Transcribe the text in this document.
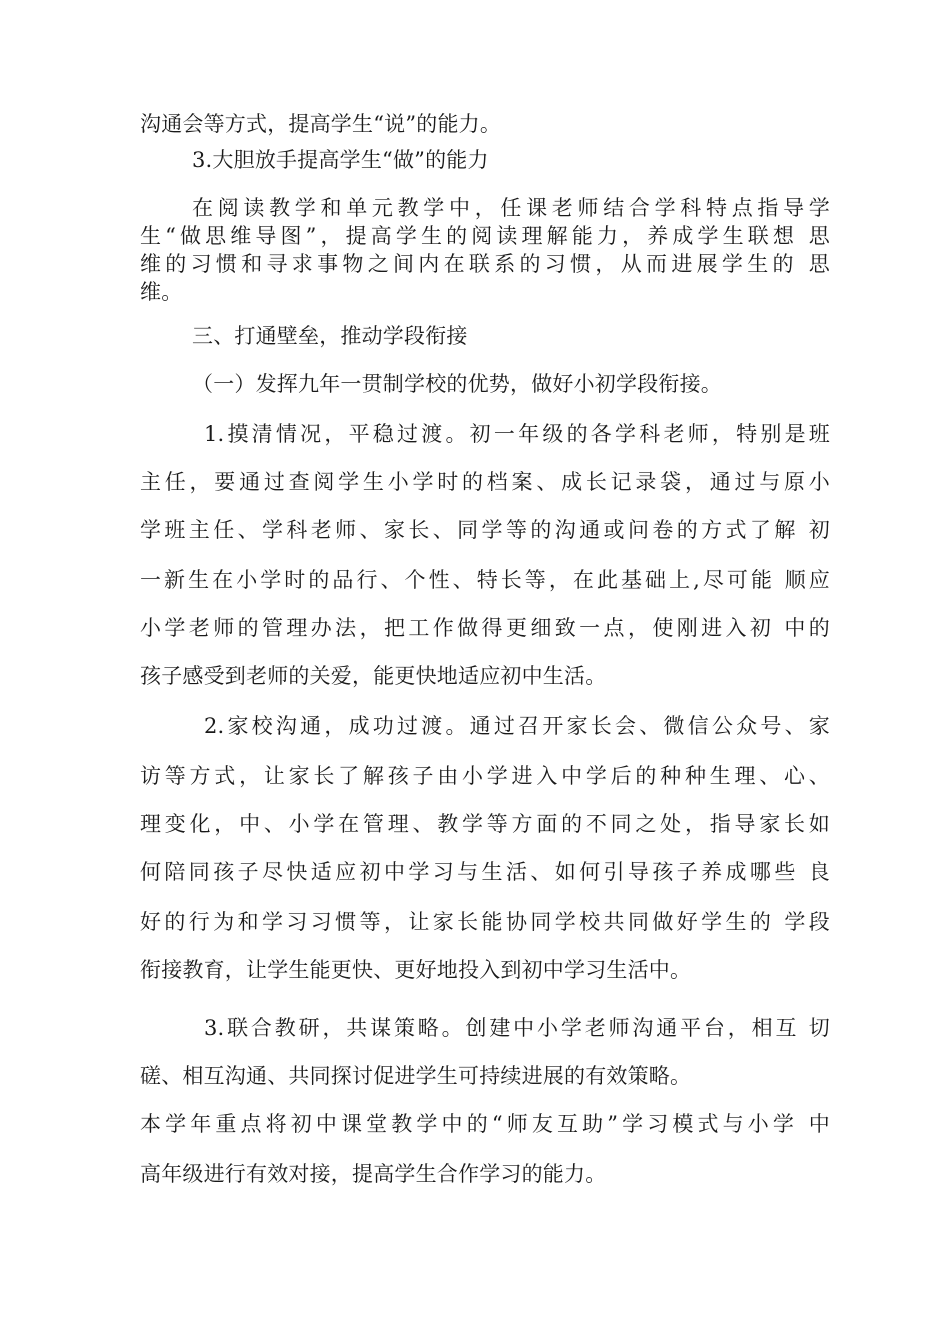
沟通会等方式，提高学生“说”的能力。
3.大胆放手提高学生“做”的能力
在阅读教学和单元教学中，任课老师结合学科特点指导学
生“做思维导图”，提高学生的阅读理解能力，养成学生联想 思
维的习惯和寻求事物之间内在联系的习惯，从而进展学生的 思
维。
三、打通壁垒，推动学段衔接
（一）发挥九年一贯制学校的优势，做好小初学段衔接。
1.摸清情况，平稳过渡。初一年级的各学科老师，特别是班
主任，要通过查阅学生小学时的档案、成长记录袋，通过与原小
学班主任、学科老师、家长、同学等的沟通或问卷的方式了解 初
一新生在小学时的品行、个性、特长等，在此基础上,尽可能 顺应
小学老师的管理办法，把工作做得更细致一点，使刚进入初 中的
孩子感受到老师的关爱，能更快地适应初中生活。
2.家校沟通，成功过渡。通过召开家长会、微信公众号、家
访等方式，让家长了解孩子由小学进入中学后的种种生理、心、
理变化，中、小学在管理、教学等方面的不同之处，指导家长如
何陪同孩子尽快适应初中学习与生活、如何引导孩子养成哪些 良
好的行为和学习习惯等，让家长能协同学校共同做好学生的 学段
衔接教育，让学生能更快、更好地投入到初中学习生活中。
3.联合教研，共谋策略。创建中小学老师沟通平台，相互 切
磋、相互沟通、共同探讨促进学生可持续进展的有效策略。
本学年重点将初中课堂教学中的“师友互助”学习模式与小学 中
高年级进行有效对接，提高学生合作学习的能力。
